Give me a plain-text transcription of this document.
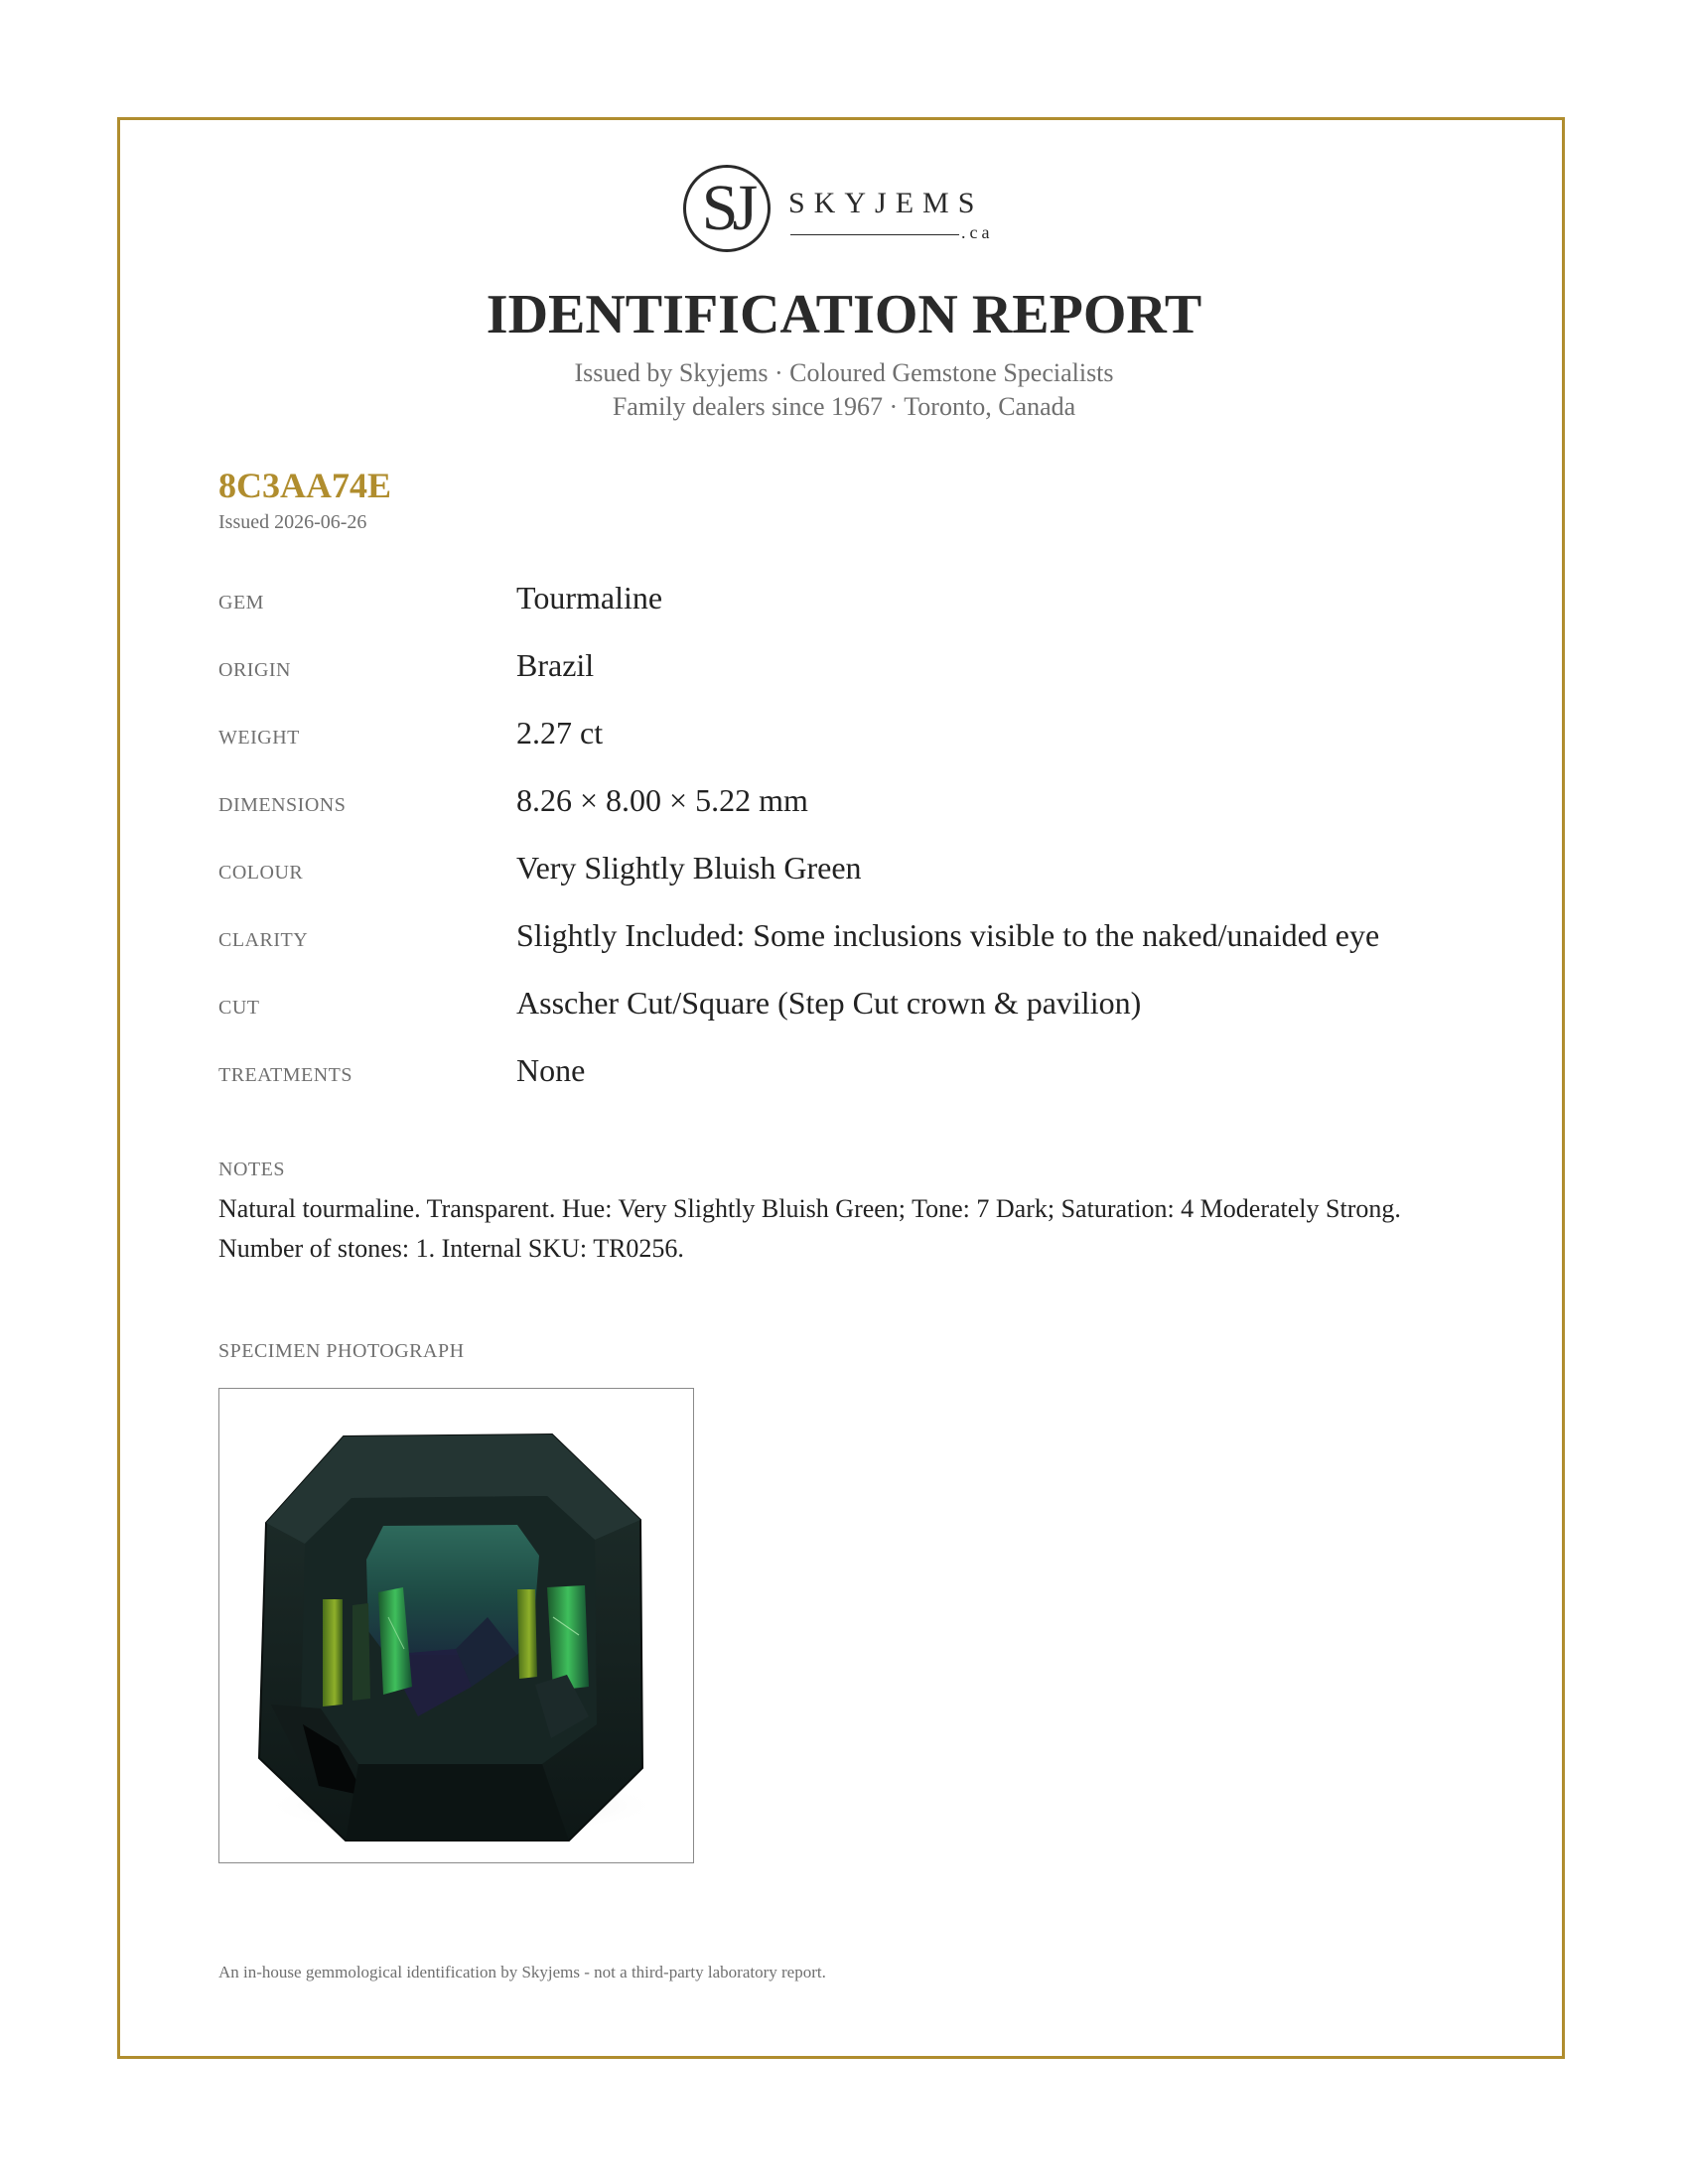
SJ	SKYJEMS
.ca
IDENTIFICATION REPORT
Issued by Skyjems · Coloured Gemstone Specialists
Family dealers since 1967 · Toronto, Canada
8C3AA74E
Issued 2026-06-26
GEM	Tourmaline
ORIGIN	Brazil
WEIGHT	2.27 ct
DIMENSIONS	8.26 × 8.00 × 5.22 mm
COLOUR	Very Slightly Bluish Green
CLARITY	Slightly Included: Some inclusions visible to the naked/unaided eye
CUT	Asscher Cut/Square (Step Cut crown & pavilion)
TREATMENTS	None
NOTES
Natural tourmaline. Transparent. Hue: Very Slightly Bluish Green; Tone: 7 Dark; Saturation: 4 Moderately Strong. Number of stones: 1. Internal SKU: TR0256.
SPECIMEN PHOTOGRAPH
An in-house gemmological identification by Skyjems - not a third-party laboratory report.
